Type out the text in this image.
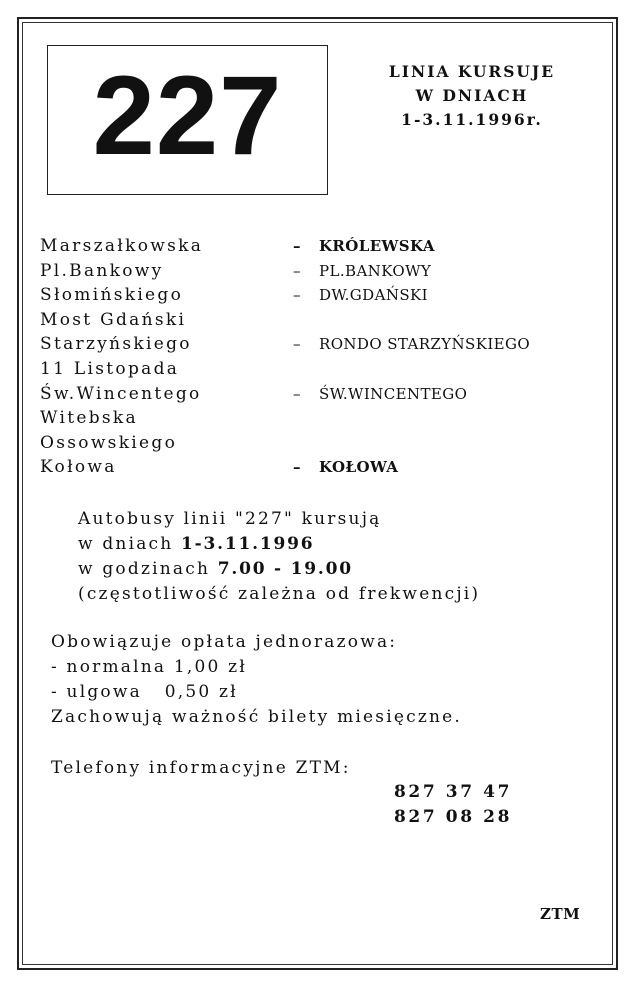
227	LINIA KURSUJE
W DNIACH
1-3.11.1996r.
Marszałkowska	– KRÓLEWSKA
Pl.Bankowy	– PL.BANKOWY
Słomińskiego	– DW.GDAŃSKI
Most Gdański
Starzyńskiego	– RONDO STARZYŃSKIEGO
11 Listopada
Św.Wincentego	– ŚW.WINCENTEGO
Witebska
Ossowskiego
Kołowa	– KOŁOWA
Autobusy linii "227" kursują
w dniach 1-3.11.1996
w godzinach 7.00 - 19.00
(częstotliwość zależna od frekwencji)
Obowiązuje opłata jednorazowa:
- normalna 1,00 zł
- ulgowa   0,50 zł
Zachowują ważność bilety miesięczne.
Telefony informacyjne ZTM:
827 37 47
827 08 28
ZTM
